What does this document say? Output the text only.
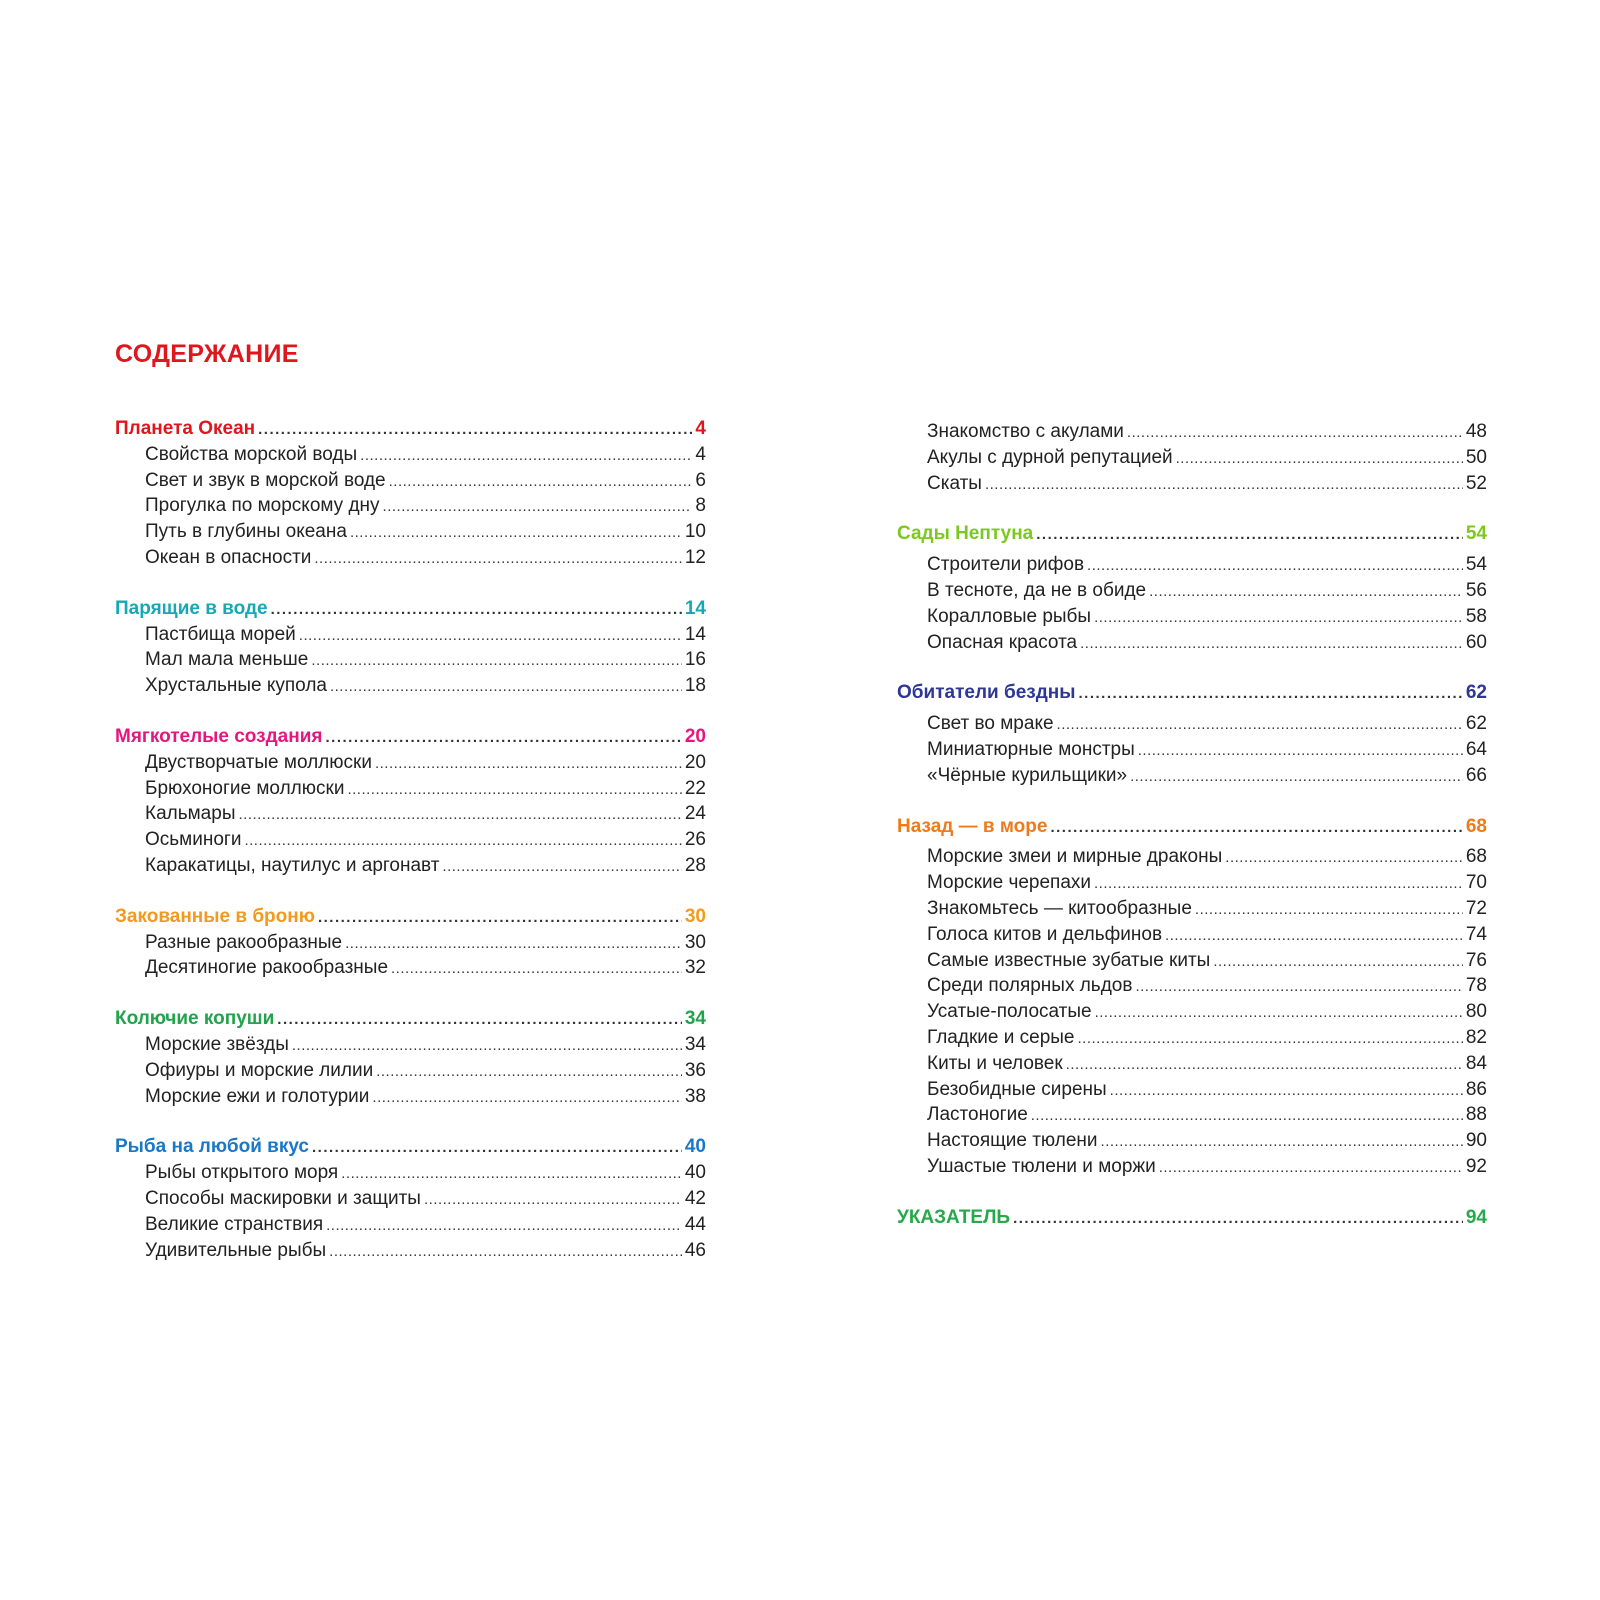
СОДЕРЖАНИЕ
Планета Океан .....	4
Свойства морской воды .....	4
Свет и звук в морской воде .....	6
Прогулка по морскому дну .....	8
Путь в глубины океана .....	10
Океан в опасности .....	12
Парящие в воде .....	14
Пастбища морей .....	14
Мал мала меньше .....	16
Хрустальные купола .....	18
Мягкотелые создания .....	20
Двустворчатые моллюски .....	20
Брюхоногие моллюски .....	22
Кальмары .....	24
Осьминоги .....	26
Каракатицы, наутилус и аргонавт .....	28
Закованные в броню .....	30
Разные ракообразные .....	30
Десятиногие ракообразные .....	32
Колючие копуши .....	34
Морские звёзды .....	34
Офиуры и морские лилии .....	36
Морские ежи и голотурии .....	38
Рыба на любой вкус .....	40
Рыбы открытого моря .....	40
Способы маскировки и защиты .....	42
Великие странствия .....	44
Удивительные рыбы .....	46
Знакомство с акулами .....	48
Акулы с дурной репутацией .....	50
Скаты .....	52
Сады Нептуна .....	54
Строители рифов .....	54
В тесноте, да не в обиде .....	56
Коралловые рыбы .....	58
Опасная красота .....	60
Обитатели бездны .....	62
Свет во мраке .....	62
Миниатюрные монстры .....	64
«Чёрные курильщики» .....	66
Назад — в море .....	68
Морские змеи и мирные драконы .....	68
Морские черепахи .....	70
Знакомьтесь — китообразные .....	72
Голоса китов и дельфинов .....	74
Самые известные зубатые киты .....	76
Среди полярных льдов .....	78
Усатые-полосатые .....	80
Гладкие и серые .....	82
Киты и человек .....	84
Безобидные сирены .....	86
Ластоногие .....	88
Настоящие тюлени .....	90
Ушастые тюлени и моржи .....	92
УКАЗАТЕЛЬ .....	94
